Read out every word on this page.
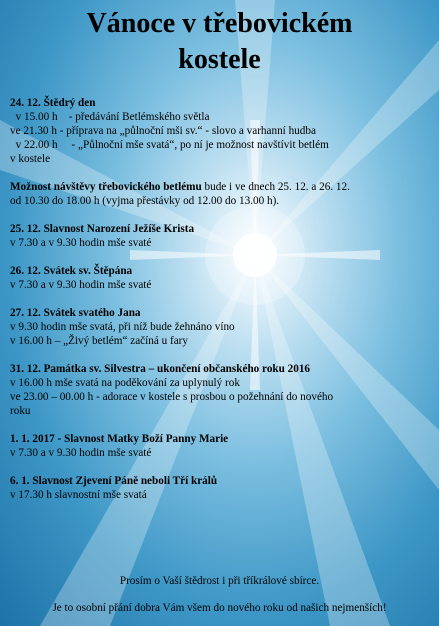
Vánoce v třebovickém
kostele
24. 12. Štědrý den
v 15.00 h    - předávání Betlémského světla
ve 21.30 h - příprava na „půlnoční mši sv.“ - slovo a varhanní hudba
v 22.00 h     - „Půlnoční mše svatá“, po ní je možnost navštívit betlém
v kostele
Možnost návštěvy třebovického betlému bude i ve dnech 25. 12. a 26. 12.
od 10.30 do 18.00 h (vyjma přestávky od 12.00 do 13.00 h).
25. 12. Slavnost Narození Ježíše Krista
v 7.30 a v 9.30 hodin mše svaté
26. 12. Svátek sv. Štěpána
v 7.30 a v 9.30 hodin mše svaté
27. 12. Svátek svatého Jana
v 9.30 hodin mše svatá, při níž bude žehnáno víno
v 16.00 h – „Živý betlém“ začíná u fary
31. 12. Památka sv. Silvestra – ukončení občanského roku 2016
v 16.00 h mše svatá na poděkování za uplynulý rok
ve 23.00 – 00.00 h - adorace v kostele s prosbou o požehnání do nového
roku
1. 1. 2017 - Slavnost Matky Boží Panny Marie
v 7.30 a v 9.30 hodin mše svaté
6. 1. Slavnost Zjevení Páně neboli Tří králů
v 17.30 h slavnostní mše svatá
Prosím o Vaší štědrost i při tříkrálové sbírce.
Je to osobní přání dobra Vám všem do nového roku od našich nejmenších!
